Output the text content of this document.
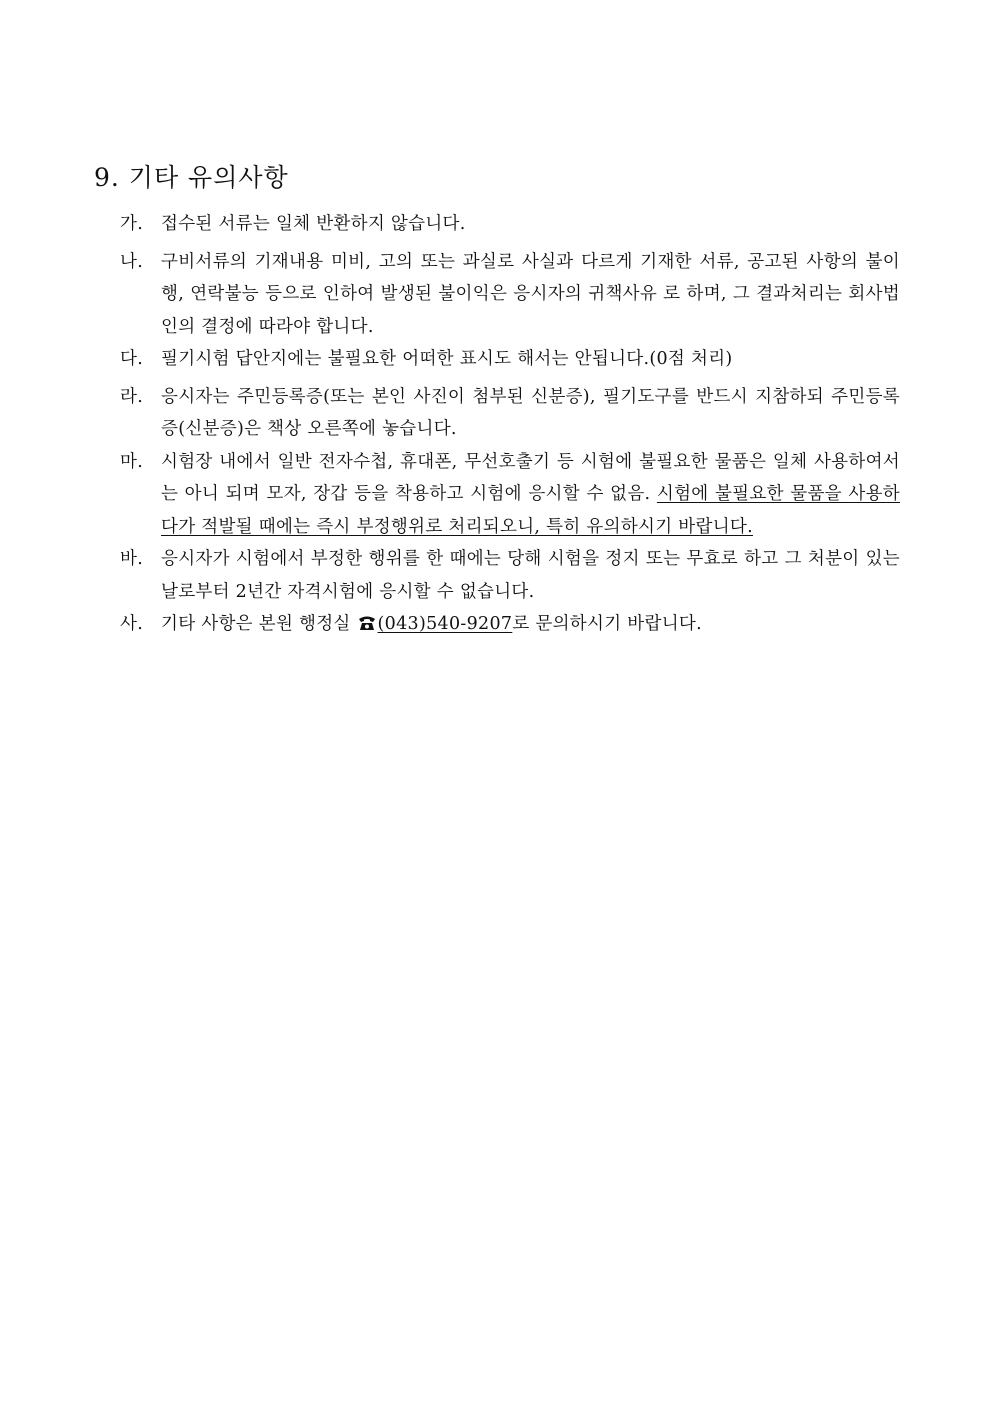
9. 기타 유의사항
가. 접수된 서류는 일체 반환하지 않습니다.
나. 구비서류의 기재내용 미비, 고의 또는 과실로 사실과 다르게 기재한 서류, 공고된 사항의 불이행, 연락불능 등으로 인하여 발생된 불이익은 응시자의 귀책사유 로 하며, 그 결과처리는 회사법인의 결정에 따라야 합니다.
다. 필기시험 답안지에는 불필요한 어떠한 표시도 해서는 안됩니다.(0점 처리)
라. 응시자는 주민등록증(또는 본인 사진이 첨부된 신분증), 필기도구를 반드시 지참하되 주민등록증(신분증)은 책상 오른쪽에 놓습니다.
마. 시험장 내에서 일반 전자수첩, 휴대폰, 무선호출기 등 시험에 불필요한 물품은 일체 사용하여서는 아니 되며 모자, 장갑 등을 착용하고 시험에 응시할 수 없음. 시험에 불필요한 물품을 사용하다가 적발될 때에는 즉시 부정행위로 처리되오니, 특히 유의하시기 바랍니다.
바. 응시자가 시험에서 부정한 행위를 한 때에는 당해 시험을 정지 또는 무효로 하고 그 처분이 있는 날로부터 2년간 자격시험에 응시할 수 없습니다.
사. 기타 사항은 본원 행정실 (043)540-9207로 문의하시기 바랍니다.
